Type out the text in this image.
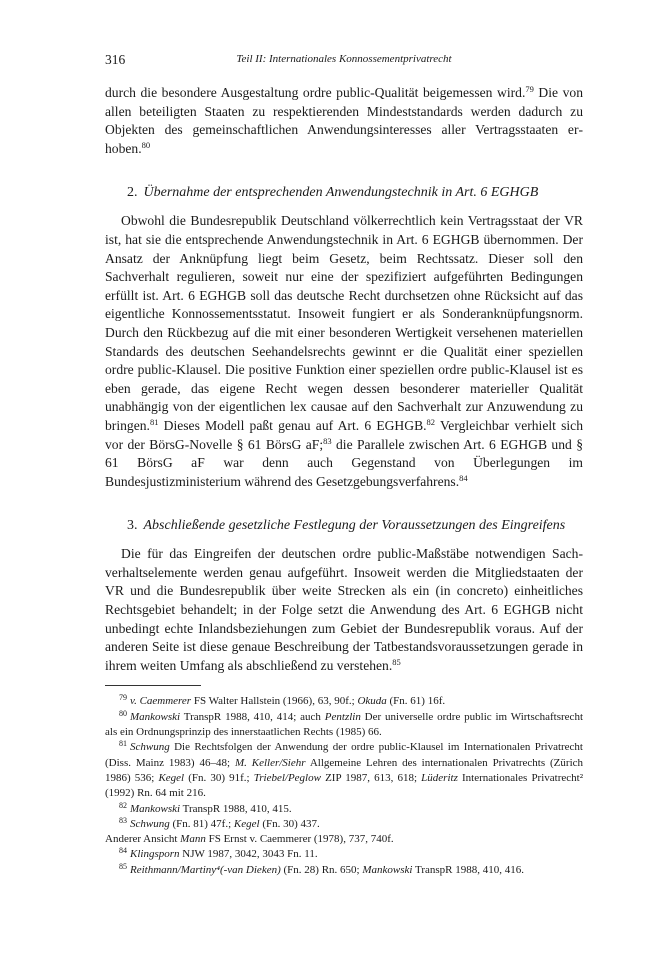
316	Teil II: Internationales Konnossementprivatrecht

durch die besondere Ausgestaltung ordre public-Qualität beigemessen wird.$^{79}$ Die von allen beteiligten Staaten zu respektierenden Mindeststandards werden dadurch zu Objekten des gemeinschaftlichen Anwendungsinteresses aller Vertragsstaaten erhoben.$^{80}$

2. Übernahme der entsprechenden Anwendungstechnik in Art. 6 EGHGB

Obwohl die Bundesrepublik Deutschland völkerrechtlich kein Vertragsstaat der VR ist, hat sie die entsprechende Anwendungstechnik in Art. 6 EGHGB übernommen. Der Ansatz der Anknüpfung liegt beim Gesetz, beim Rechtssatz. Dieser soll den Sachverhalt regulieren, soweit nur eine der spezifiziert aufgeführten Bedingungen erfüllt ist. Art. 6 EGHGB soll das deutsche Recht durchsetzen ohne Rücksicht auf das eigentliche Konnossementsstatut. Insoweit fungiert er als Sonderanknüpfungsnorm. Durch den Rückbezug auf die mit einer besonderen Wertigkeit versehenen materiellen Standards des deutschen Seehandelsrechts gewinnt er die Qualität einer speziellen ordre public-Klausel. Die positive Funktion einer speziellen ordre public-Klausel ist es eben gerade, das eigene Recht wegen dessen besonderer materieller Qualität unabhängig von der eigentlichen lex causae auf den Sachverhalt zur Anzuwendung zu bringen.$^{81}$ Dieses Modell paßt genau auf Art. 6 EGHGB.$^{82}$ Vergleichbar verhielt sich vor der BörsG-Novelle § 61 BörsG aF;$^{83}$ die Parallele zwischen Art. 6 EGHGB und § 61 BörsG aF war denn auch Gegenstand von Überlegungen im Bundesjustizministerium während des Gesetzgebungsverfahrens.$^{84}$

3. Abschließende gesetzliche Festlegung der Voraussetzungen des Eingreifens

Die für das Eingreifen der deutschen ordre public-Maßstäbe notwendigen Sachverhaltselemente werden genau aufgeführt. Insoweit werden die Mitgliedstaaten der VR und die Bundesrepublik über weite Strecken als ein (in concreto) einheitliches Rechtsgebiet behandelt; in der Folge setzt die Anwendung des Art. 6 EGHGB nicht unbedingt echte Inlandsbeziehungen zum Gebiet der Bundesrepublik voraus. Auf der anderen Seite ist diese genaue Beschreibung der Tatbestandsvoraussetzungen gerade in ihrem weiten Umfang als abschließend zu verstehen.$^{85}$

$^{79}$ v. Caemmerer FS Walter Hallstein (1966), 63, 90f.; Okuda (Fn. 61) 16f.

$^{80}$ Mankowski TranspR 1988, 410, 414; auch Pentzlin Der universelle ordre public im Wirtschaftsrecht als ein Ordnungsprinzip des innerstaatlichen Rechts (1985) 66.

$^{81}$ Schwung Die Rechtsfolgen der Anwendung der ordre public-Klausel im Internationalen Privatrecht (Diss. Mainz 1983) 46–48; M. Keller/Siehr Allgemeine Lehren des internationalen Privatrechts (Zürich 1986) 536; Kegel (Fn. 30) 91f.; Triebel/Peglow ZIP 1987, 613, 618; Lüderitz Internationales Privatrecht² (1992) Rn. 64 mit 216.

$^{82}$ Mankowski TranspR 1988, 410, 415.

$^{83}$ Schwung (Fn. 81) 47f.; Kegel (Fn. 30) 437.

Anderer Ansicht Mann FS Ernst v. Caemmerer (1978), 737, 740f.

$^{84}$ Klingsporn NJW 1987, 3042, 3043 Fn. 11.

$^{85}$ Reithmann/Martiny⁴(-van Dieken) (Fn. 28) Rn. 650; Mankowski TranspR 1988, 410, 416.
